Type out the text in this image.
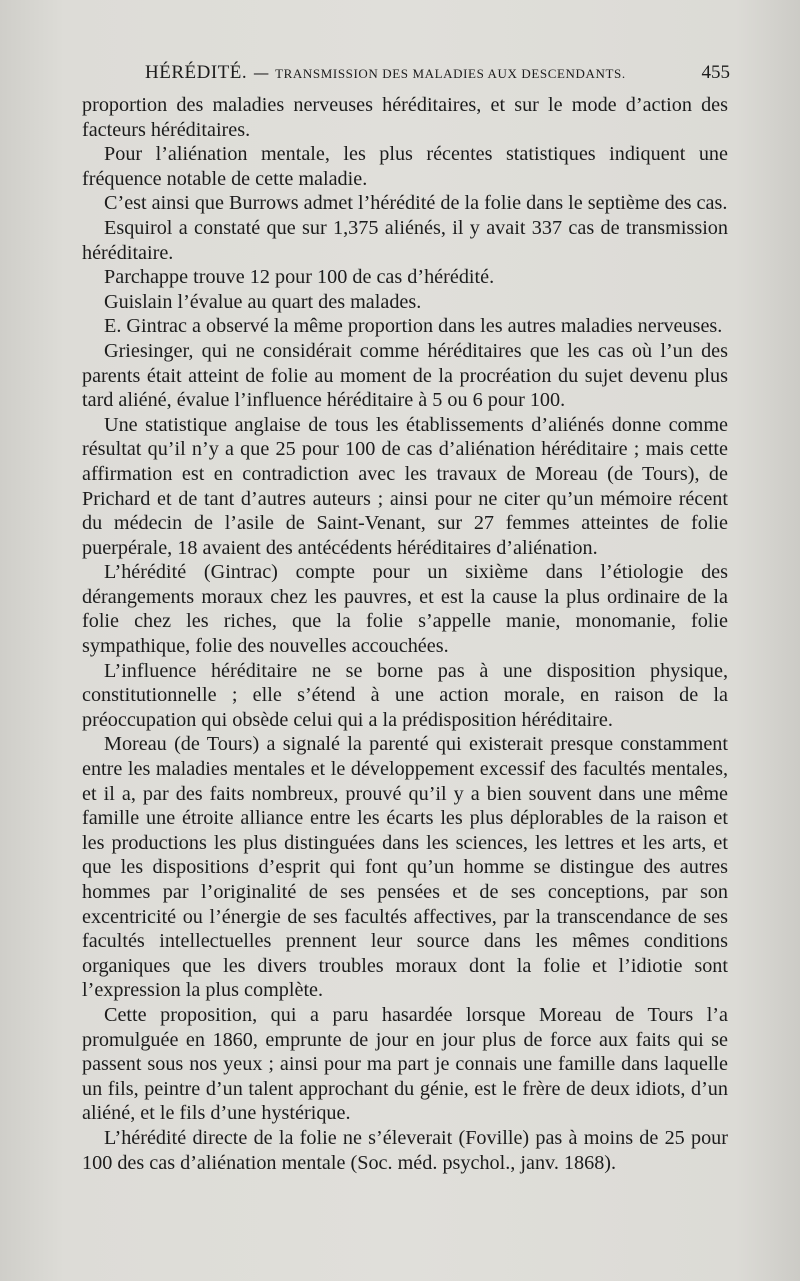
HÉRÉDITÉ. — TRANSMISSION DES MALADIES AUX DESCENDANTS.	455

proportion des maladies nerveuses héréditaires, et sur le mode d’action des facteurs héréditaires.

Pour l’aliénation mentale, les plus récentes statistiques indiquent une fréquence notable de cette maladie.

C’est ainsi que Burrows admet l’hérédité de la folie dans le septième des cas.

Esquirol a constaté que sur 1,375 aliénés, il y avait 337 cas de transmission héréditaire.

Parchappe trouve 12 pour 100 de cas d’hérédité.

Guislain l’évalue au quart des malades.

E. Gintrac a observé la même proportion dans les autres maladies nerveuses.

Griesinger, qui ne considérait comme héréditaires que les cas où l’un des parents était atteint de folie au moment de la procréation du sujet devenu plus tard aliéné, évalue l’influence héréditaire à 5 ou 6 pour 100.

Une statistique anglaise de tous les établissements d’aliénés donne comme résultat qu’il n’y a que 25 pour 100 de cas d’aliénation héréditaire ; mais cette affirmation est en contradiction avec les travaux de Moreau (de Tours), de Prichard et de tant d’autres auteurs ; ainsi pour ne citer qu’un mémoire récent du médecin de l’asile de Saint-Venant, sur 27 femmes atteintes de folie puerpérale, 18 avaient des antécédents héréditaires d’aliénation.

L’hérédité (Gintrac) compte pour un sixième dans l’étiologie des dérangements moraux chez les pauvres, et est la cause la plus ordinaire de la folie chez les riches, que la folie s’appelle manie, monomanie, folie sympathique, folie des nouvelles accouchées.

L’influence héréditaire ne se borne pas à une disposition physique, constitutionnelle ; elle s’étend à une action morale, en raison de la préoccupation qui obsède celui qui a la prédisposition héréditaire.

Moreau (de Tours) a signalé la parenté qui existerait presque constamment entre les maladies mentales et le développement excessif des facultés mentales, et il a, par des faits nombreux, prouvé qu’il y a bien souvent dans une même famille une étroite alliance entre les écarts les plus déplorables de la raison et les productions les plus distinguées dans les sciences, les lettres et les arts, et que les dispositions d’esprit qui font qu’un homme se distingue des autres hommes par l’originalité de ses pensées et de ses conceptions, par son excentricité ou l’énergie de ses facultés affectives, par la transcendance de ses facultés intellectuelles prennent leur source dans les mêmes conditions organiques que les divers troubles moraux dont la folie et l’idiotie sont l’expression la plus complète.

Cette proposition, qui a paru hasardée lorsque Moreau de Tours l’a promulguée en 1860, emprunte de jour en jour plus de force aux faits qui se passent sous nos yeux ; ainsi pour ma part je connais une famille dans laquelle un fils, peintre d’un talent approchant du génie, est le frère de deux idiots, d’un aliéné, et le fils d’une hystérique.

L’hérédité directe de la folie ne s’éleverait (Foville) pas à moins de 25 pour 100 des cas d’aliénation mentale (Soc. méd. psychol., janv. 1868).
